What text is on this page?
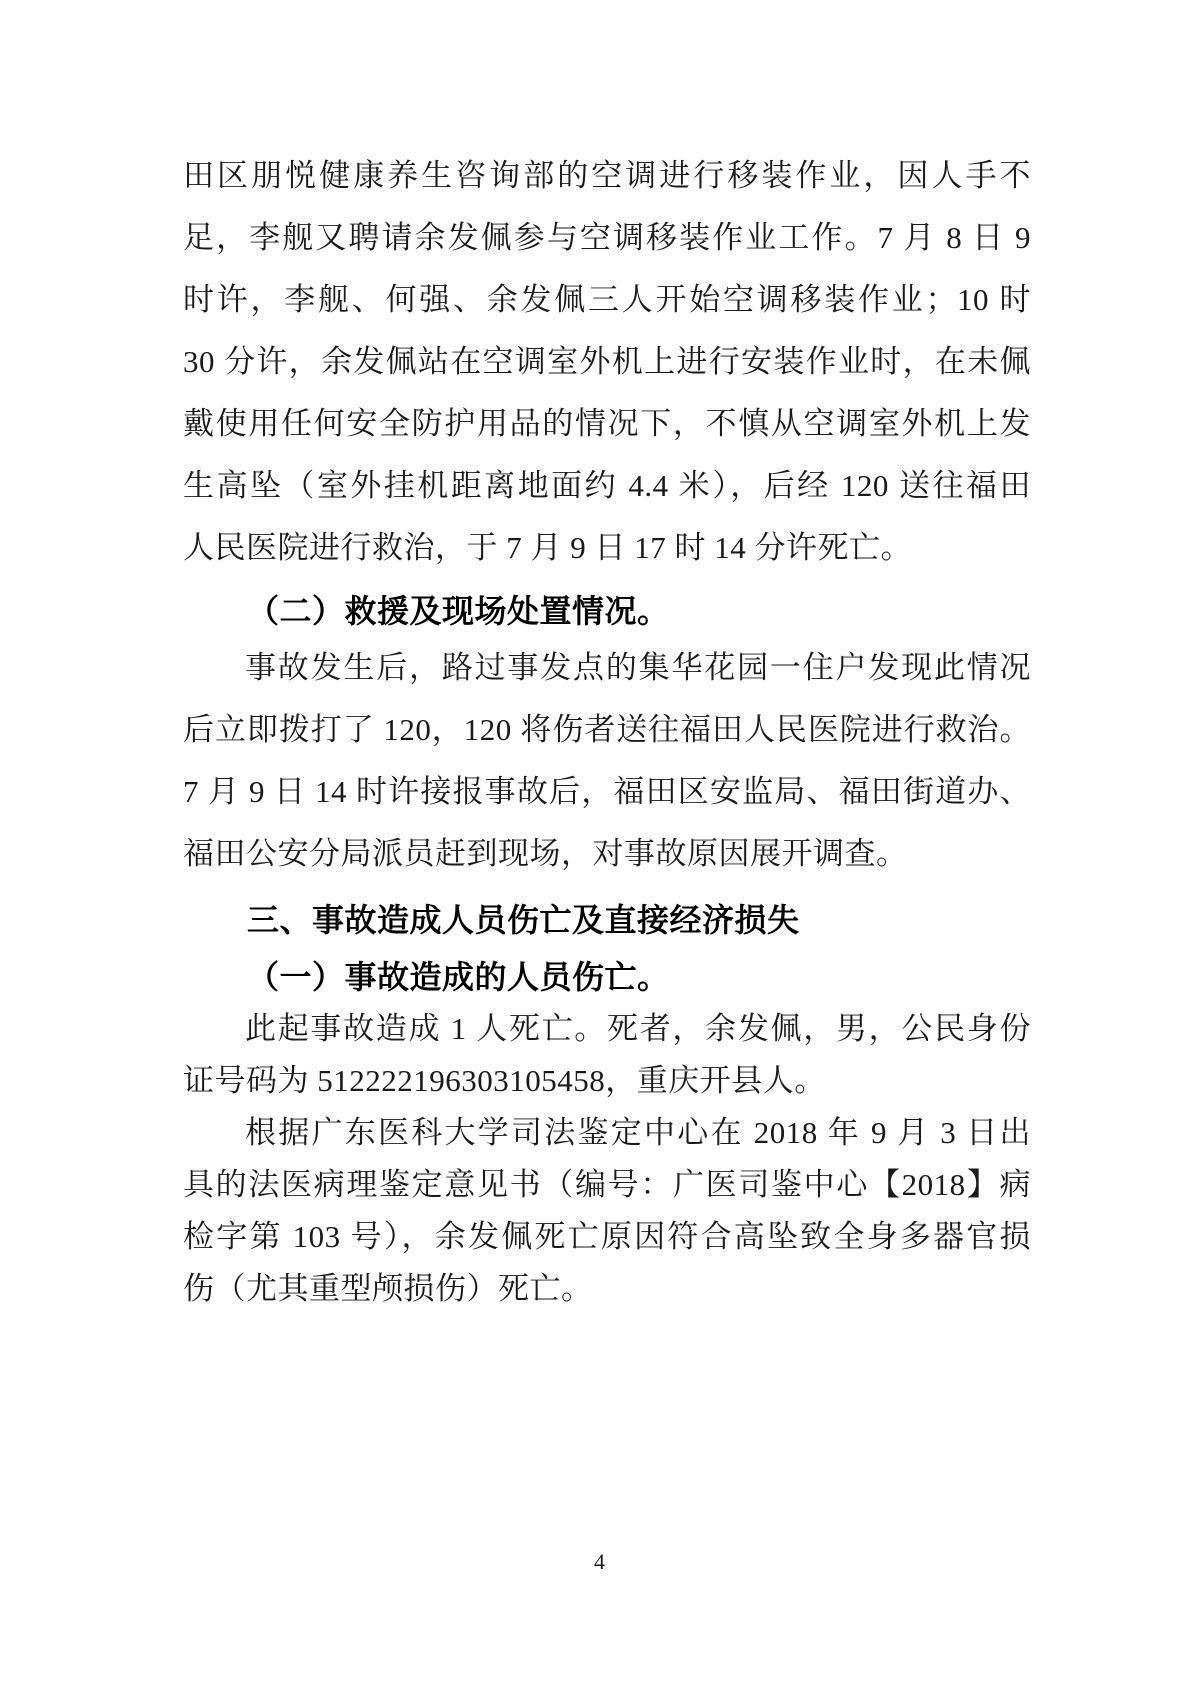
田区朋悦健康养生咨询部的空调进行移装作业，因人手不
足，李舰又聘请余发佩参与空调移装作业工作。7 月 8 日 9
时许，李舰、何强、余发佩三人开始空调移装作业；10 时
30 分许，余发佩站在空调室外机上进行安装作业时，在未佩
戴使用任何安全防护用品的情况下，不慎从空调室外机上发
生高坠（室外挂机距离地面约 4.4 米），后经 120 送往福田
人民医院进行救治，于 7 月 9 日 17 时 14 分许死亡。
（二）救援及现场处置情况。
事故发生后，路过事发点的集华花园一住户发现此情况
后立即拨打了 120，120 将伤者送往福田人民医院进行救治。
7 月 9 日 14 时许接报事故后，福田区安监局、福田街道办、
福田公安分局派员赶到现场，对事故原因展开调查。
三、事故造成人员伤亡及直接经济损失
（一）事故造成的人员伤亡。
此起事故造成 1 人死亡。死者，余发佩，男，公民身份
证号码为 512222196303105458，重庆开县人。
根据广东医科大学司法鉴定中心在 2018 年 9 月 3 日出
具的法医病理鉴定意见书（编号：广医司鉴中心【2018】病
检字第 103 号），余发佩死亡原因符合高坠致全身多器官损
伤（尤其重型颅损伤）死亡。
4
